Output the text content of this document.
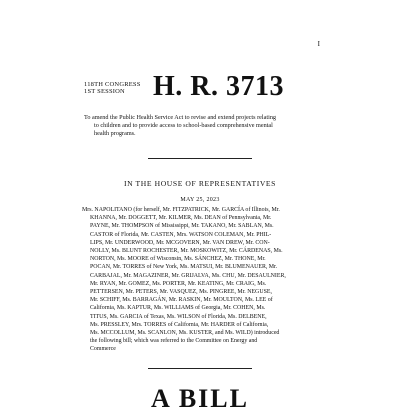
I
118TH CONGRESS
1ST SESSION	H. R. 3713
To amend the Public Health Service Act to revise and extend projects relating
to children and to provide access to school-based comprehensive mental
health programs.
IN THE HOUSE OF REPRESENTATIVES
MAY 25, 2023
Mrs. NAPOLITANO (for herself, Mr. FITZPATRICK, Mr. GARCÍA of Illinois, Mr.
KHANNA, Mr. DOGGETT, Mr. KILMER, Ms. DEAN of Pennsylvania, Mr.
PAYNE, Mr. THOMPSON of Mississippi, Mr. TAKANO, Mr. SABLAN, Ms.
CASTOR of Florida, Mr. CASTEN, Mrs. WATSON COLEMAN, Mr. PHIL-
LIPS, Mr. UNDERWOOD, Mr. MCGOVERN, Mr. VAN DREW, Mr. CON-
NOLLY, Ms. BLUNT ROCHESTER, Mr. MOSKOWITZ, Mr. CÁRDENAS, Ms.
NORTON, Ms. MOORE of Wisconsin, Ms. SÁNCHEZ, Mr. THONE, Mr.
POCAN, Mr. TORRES of New York, Ms. MATSUI, Mr. BLUMENAUER, Mr.
CARBAJAL, Mr. MAGAZINER, Mr. GRIJALVA, Ms. CHU, Mr. DESAULNIER,
Mr. RYAN, Mr. GOMEZ, Ms. PORTER, Mr. KEATING, Mr. CRAIG, Ms.
PETTERSEN, Mr. PETERS, Mr. VASQUEZ, Ms. PINGREE, Mr. NEGUSE,
Mr. SCHIFF, Ms. BARRAGÁN, Mr. RASKIN, Mr. MOULTON, Ms. LEE of
California, Ms. KAPTUR, Ms. WILLIAMS of Georgia, Mr. COHEN, Ms.
TITUS, Ms. GARCIA of Texas, Ms. WILSON of Florida, Ms. DELBENE,
Ms. PRESSLEY, Mrs. TORRES of California, Mr. HARDER of California,
Ms. MCCOLLUM, Ms. SCANLON, Ms. KUSTER, and Ms. WILD) introduced
the following bill; which was referred to the Committee on Energy and
Commerce
A BILL
